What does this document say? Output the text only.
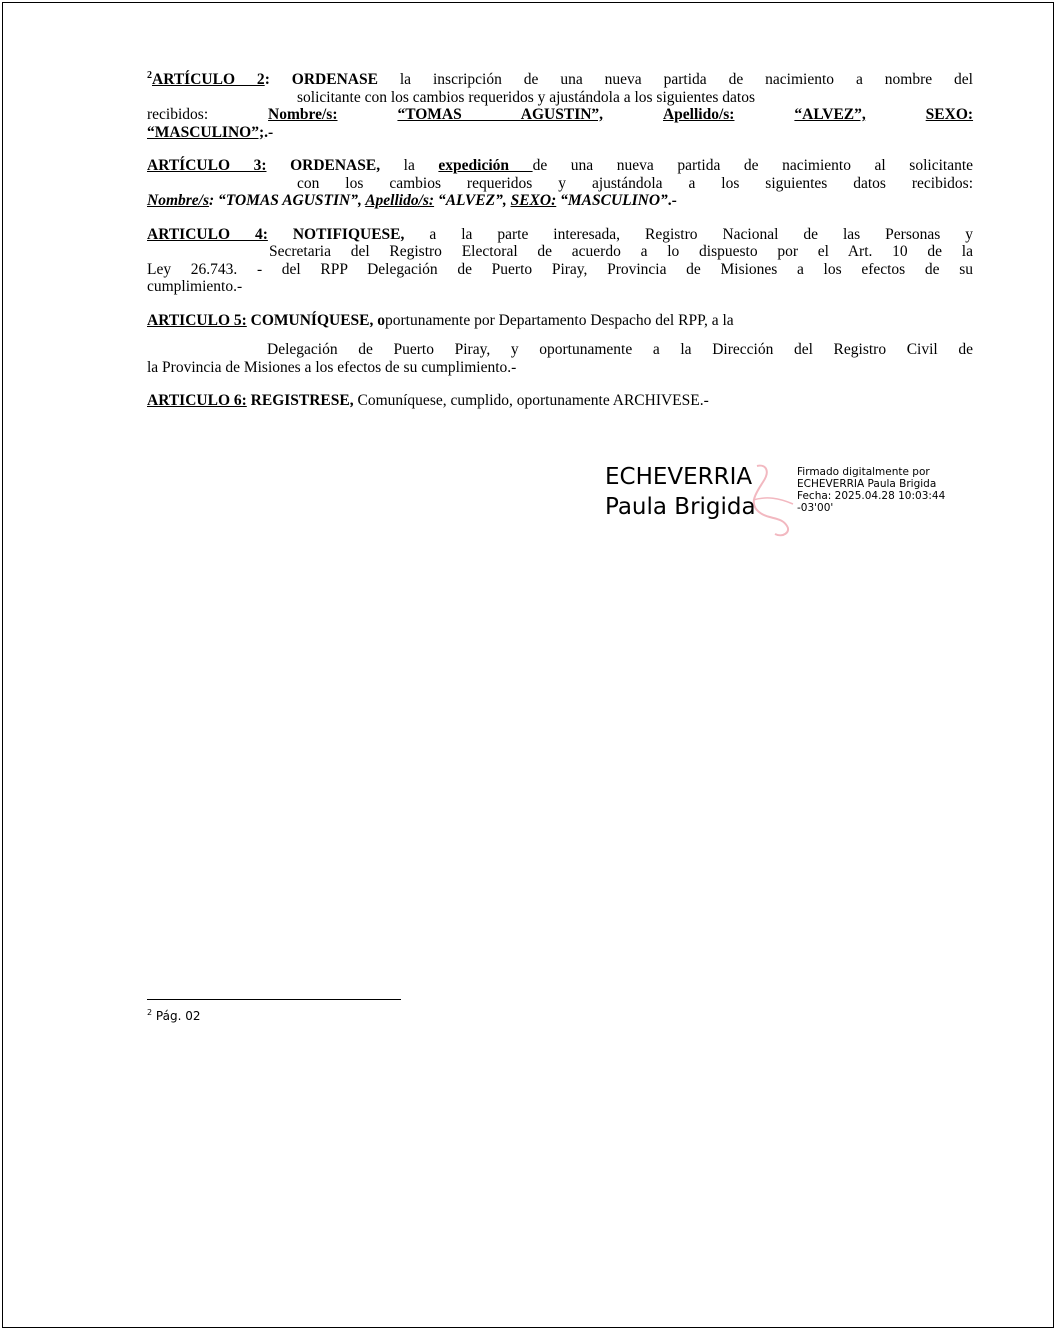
$^2$ARTÍCULO 2: ORDENASE la inscripción de una nueva partida de nacimiento a nombre del

solicitante con los cambios requeridos y ajustándola a los siguientes datos

recibidos:	Nombre/s:	“TOMAS AGUSTIN”,	Apellido/s:	“ALVEZ”,	SEXO:

“MASCULINO”;.-

ARTÍCULO 3: ORDENASE, la expedición de una nueva partida de nacimiento al solicitante

con los cambios requeridos y ajustándola a los siguientes datos recibidos:

Nombre/s: “TOMAS AGUSTIN”, Apellido/s: “ALVEZ”, SEXO: “MASCULINO”.-

ARTICULO 4: NOTIFIQUESE, a la parte interesada, Registro Nacional de las Personas y

Secretaria del Registro Electoral de acuerdo a lo dispuesto por el Art. 10 de la

Ley 26.743. - del RPP Delegación de Puerto Piray, Provincia de Misiones a los efectos de su

cumplimiento.-

ARTICULO 5: COMUNÍQUESE, oportunamente por Departamento Despacho del RPP, a la

Delegación de Puerto Piray, y oportunamente a la Dirección del Registro Civil de

la Provincia de Misiones a los efectos de su cumplimiento.-

ARTICULO 6: REGISTRESE, Comuníquese, cumplido, oportunamente ARCHIVESE.-

ECHEVERRIA
Paula Brigida
Firmado digitalmente por
ECHEVERRIA Paula Brigida
Fecha: 2025.04.28 10:03:44
-03'00'
$^2$ Pág. 02
